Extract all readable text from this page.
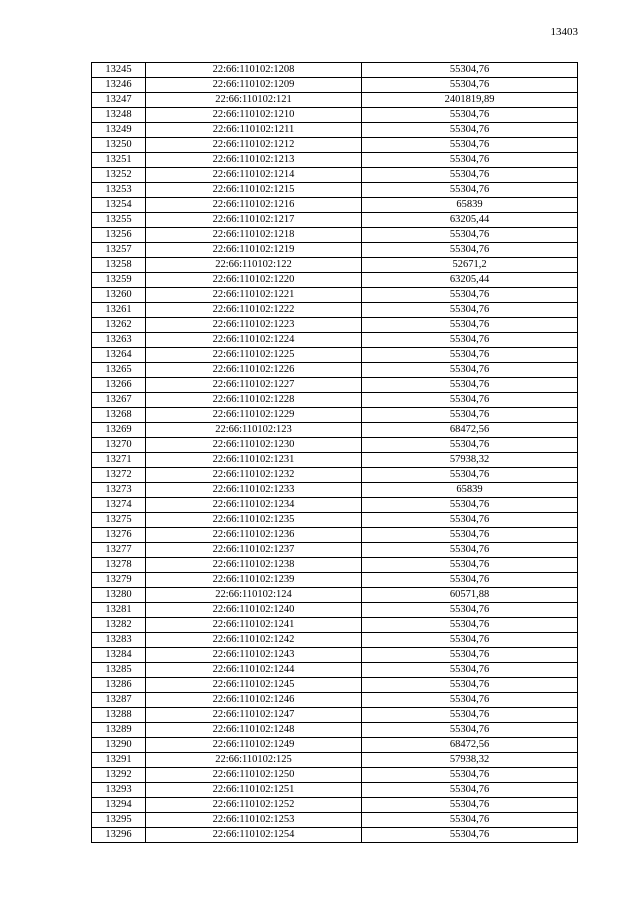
13403
13245	22:66:110102:1208	55304,76
13246	22:66:110102:1209	55304,76
13247	22:66:110102:121	2401819,89
13248	22:66:110102:1210	55304,76
13249	22:66:110102:1211	55304,76
13250	22:66:110102:1212	55304,76
13251	22:66:110102:1213	55304,76
13252	22:66:110102:1214	55304,76
13253	22:66:110102:1215	55304,76
13254	22:66:110102:1216	65839
13255	22:66:110102:1217	63205,44
13256	22:66:110102:1218	55304,76
13257	22:66:110102:1219	55304,76
13258	22:66:110102:122	52671,2
13259	22:66:110102:1220	63205,44
13260	22:66:110102:1221	55304,76
13261	22:66:110102:1222	55304,76
13262	22:66:110102:1223	55304,76
13263	22:66:110102:1224	55304,76
13264	22:66:110102:1225	55304,76
13265	22:66:110102:1226	55304,76
13266	22:66:110102:1227	55304,76
13267	22:66:110102:1228	55304,76
13268	22:66:110102:1229	55304,76
13269	22:66:110102:123	68472,56
13270	22:66:110102:1230	55304,76
13271	22:66:110102:1231	57938,32
13272	22:66:110102:1232	55304,76
13273	22:66:110102:1233	65839
13274	22:66:110102:1234	55304,76
13275	22:66:110102:1235	55304,76
13276	22:66:110102:1236	55304,76
13277	22:66:110102:1237	55304,76
13278	22:66:110102:1238	55304,76
13279	22:66:110102:1239	55304,76
13280	22:66:110102:124	60571,88
13281	22:66:110102:1240	55304,76
13282	22:66:110102:1241	55304,76
13283	22:66:110102:1242	55304,76
13284	22:66:110102:1243	55304,76
13285	22:66:110102:1244	55304,76
13286	22:66:110102:1245	55304,76
13287	22:66:110102:1246	55304,76
13288	22:66:110102:1247	55304,76
13289	22:66:110102:1248	55304,76
13290	22:66:110102:1249	68472,56
13291	22:66:110102:125	57938,32
13292	22:66:110102:1250	55304,76
13293	22:66:110102:1251	55304,76
13294	22:66:110102:1252	55304,76
13295	22:66:110102:1253	55304,76
13296	22:66:110102:1254	55304,76
